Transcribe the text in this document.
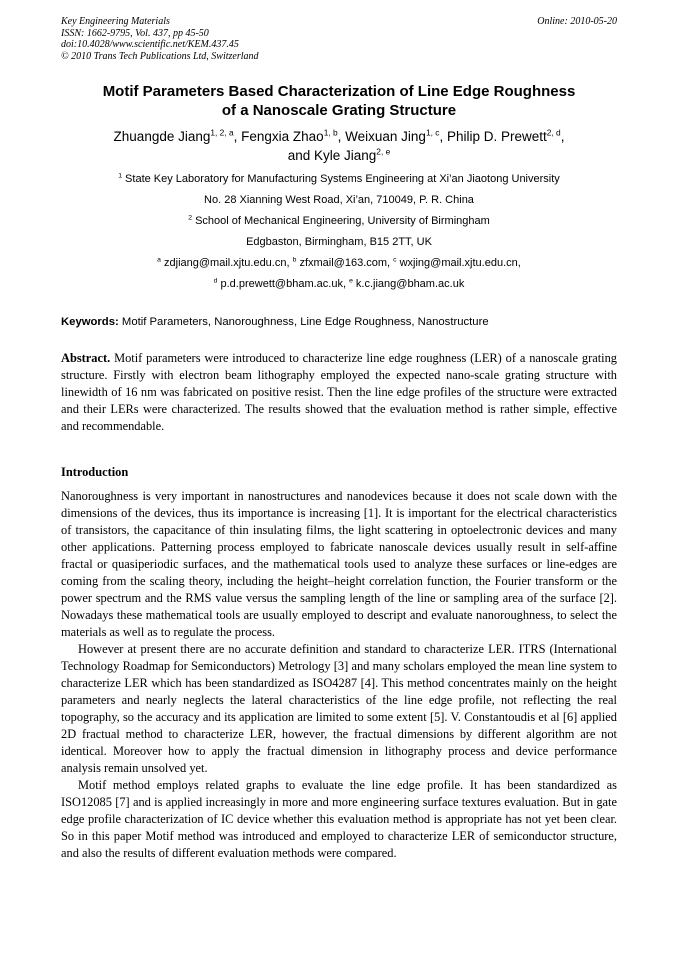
Key Engineering Materials
ISSN: 1662-9795, Vol. 437, pp 45-50
doi:10.4028/www.scientific.net/KEM.437.45
© 2010 Trans Tech Publications Ltd, Switzerland
Online: 2010-05-20
Motif Parameters Based Characterization of Line Edge Roughness
of a Nanoscale Grating Structure
Zhuangde Jiang$^{1, 2, a}$, Fengxia Zhao$^{1, b}$, Weixuan Jing$^{1, c}$, Philip D. Prewett$^{2, d}$,
and Kyle Jiang$^{2, e}$
$^1$ State Key Laboratory for Manufacturing Systems Engineering at Xi’an Jiaotong University
No. 28 Xianning West Road, Xi’an, 710049, P. R. China
$^2$ School of Mechanical Engineering, University of Birmingham
Edgbaston, Birmingham, B15 2TT, UK
$^a$ zdjiang@mail.xjtu.edu.cn, $^b$ zfxmail@163.com, $^c$ wxjing@mail.xjtu.edu.cn,
$^d$ p.d.prewett@bham.ac.uk, $^e$ k.c.jiang@bham.ac.uk
Keywords: Motif Parameters, Nanoroughness, Line Edge Roughness, Nanostructure

Abstract. Motif parameters were introduced to characterize line edge roughness (LER) of a nanoscale grating structure. Firstly with electron beam lithography employed the expected nano-scale grating structure with linewidth of 16 nm was fabricated on positive resist. Then the line edge profiles of the structure were extracted and their LERs were characterized. The results showed that the evaluation method is rather simple, effective and recommendable.

Introduction

Nanoroughness is very important in nanostructures and nanodevices because it does not scale down with the dimensions of the devices, thus its importance is increasing [1]. It is important for the electrical characteristics of transistors, the capacitance of thin insulating films, the light scattering in optoelectronic devices and many other applications. Patterning process employed to fabricate nanoscale devices usually result in self-affine fractal or quasiperiodic surfaces, and the mathematical tools used to analyze these surfaces or line-edges are coming from the scaling theory, including the height–height correlation function, the Fourier transform or the power spectrum and the RMS value versus the sampling length of the line or sampling area of the surface [2]. Nowadays these mathematical tools are usually employed to descript and evaluate nanoroughness, to select the materials as well as to regulate the process.

However at present there are no accurate definition and standard to characterize LER. ITRS (International Technology Roadmap for Semiconductors) Metrology [3] and many scholars employed the mean line system to characterize LER which has been standardized as ISO4287 [4]. This method concentrates mainly on the height parameters and nearly neglects the lateral characteristics of the line edge profile, not reflecting the real topography, so the accuracy and its application are limited to some extent [5]. V. Constantoudis et al [6] applied 2D fractual method to characterize LER, however, the fractual dimensions by different algorithm are not identical. Moreover how to apply the fractual dimension in lithography process and device performance analysis remain unsolved yet.

Motif method employs related graphs to evaluate the line edge profile. It has been standardized as ISO12085 [7] and is applied increasingly in more and more engineering surface textures evaluation. But in gate edge profile characterization of IC device whether this evaluation method is appropriate has not yet been clear. So in this paper Motif method was introduced and employed to characterize LER of semiconductor structure, and also the results of different evaluation methods were compared.
